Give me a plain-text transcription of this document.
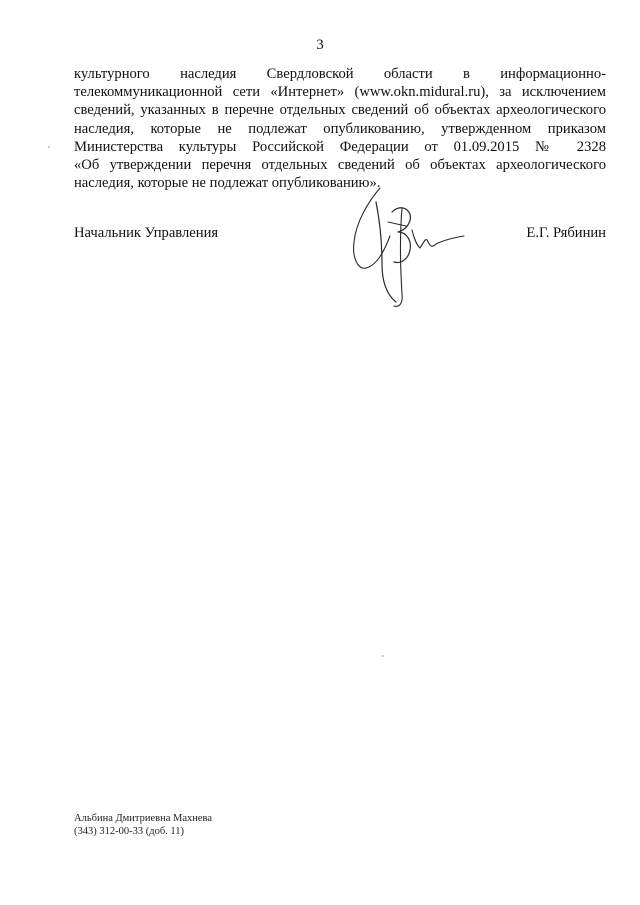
3
культурного наследия Свердловской области в информационно-
телекоммуникационной сети «Интернет» (www.okn.midural.ru), за исключением
сведений, указанных в перечне отдельных сведений об объектах археологического
наследия, которые не подлежат опубликованию, утвержденном приказом
Министерства культуры Российской Федерации от 01.09.2015 № 2328
«Об утверждении перечня отдельных сведений об объектах археологического
наследия, которые не подлежат опубликованию».
Начальник Управления	Е.Г. Рябинин
Альбина Дмитриевна Махнева
(343) 312-00-33 (доб. 11)
